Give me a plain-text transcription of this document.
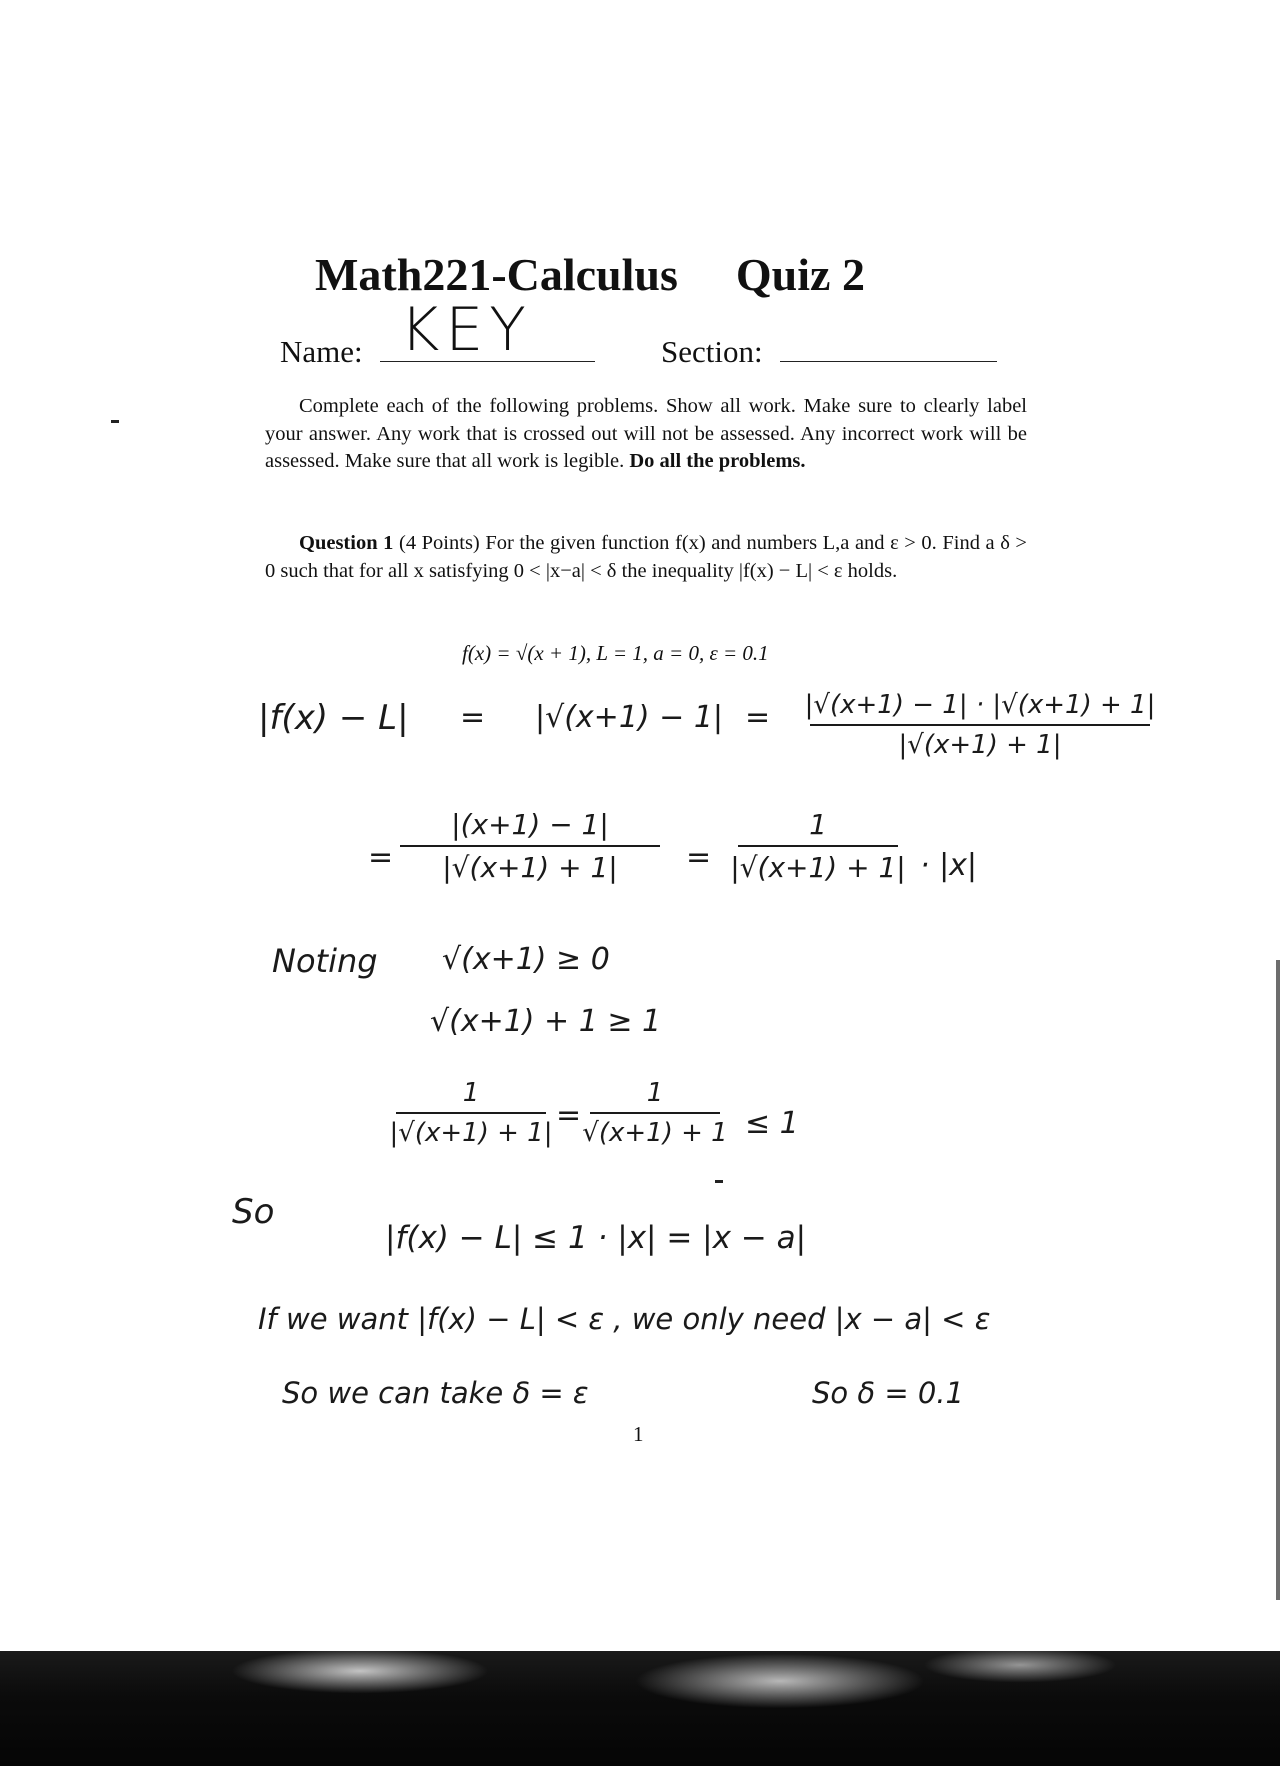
Math221-Calculus Quiz 2
Name: KEY	Section:
Complete each of the following problems. Show all work. Make sure to clearly label your answer. Any work that is crossed out will not be assessed. Any incorrect work will be assessed. Make sure that all work is legible. Do all the problems.
Question 1 (4 Points) For the given function f(x) and numbers L,a and ε > 0. Find a δ > 0 such that for all x satisfying 0 < |x−a| < δ the inequality |f(x) − L| < ε holds.
f(x) = √(x + 1), L = 1, a = 0, ε = 0.1
|f(x) − L| = |√(x+1) − 1| = |√(x+1) − 1| · |√(x+1) + 1|
|√(x+1) + 1|
=
|(x+1) − 1|
|√(x+1) + 1| =
1
|√(x+1) + 1| · |x|
Noting √(x+1) ≥ 0
√(x+1) + 1 ≥ 1
1
|√(x+1) + 1| =
1
√(x+1) + 1 ≤ 1
So
|f(x) − L| ≤ 1 · |x| = |x − a|
If we want |f(x) − L| < ε , we only need |x − a| < ε
So we can take δ = ε	So δ = 0.1
1
